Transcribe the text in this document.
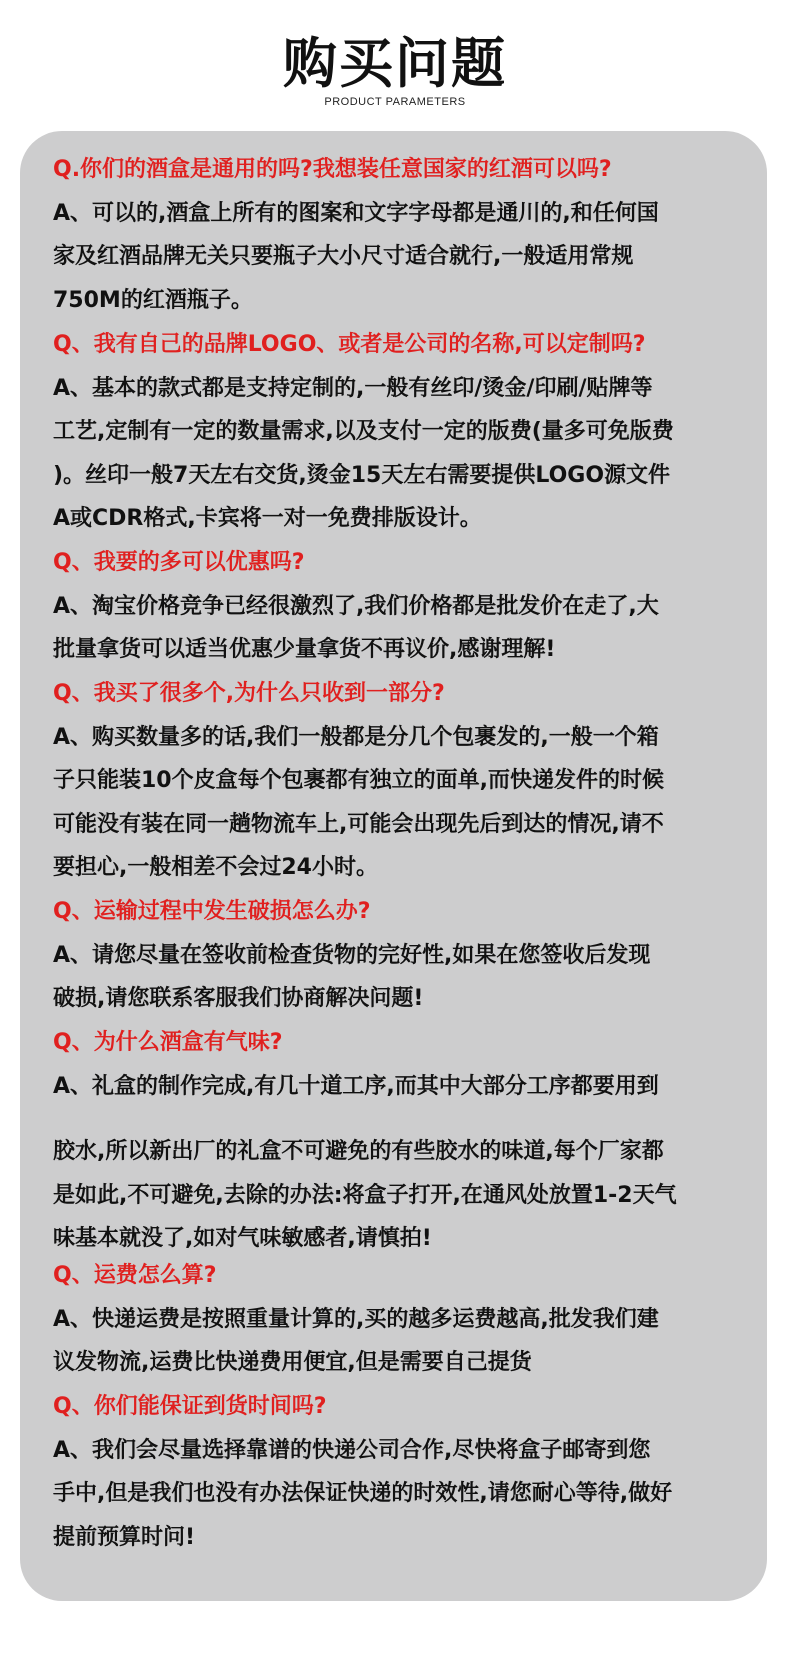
购买问题
PRODUCT PARAMETERS
Q.你们的酒盒是通用的吗?我想装任意国家的红酒可以吗?
A、可以的,酒盒上所有的图案和文字字母都是通川的,和任何国
家及红酒品牌无关只要瓶子大小尺寸适合就行,一般适用常规
750M的红酒瓶子。
Q、我有自己的品牌LOGO、或者是公司的名称,可以定制吗?
A、基本的款式都是支持定制的,一般有丝印/烫金/印刷/贴牌等
工艺,定制有一定的数量需求,以及支付一定的版费(量多可免版费
)。丝印一般7天左右交货,烫金15天左右需要提供LOGO源文件
A或CDR格式,卡宾将一对一免费排版设计。
Q、我要的多可以优惠吗?
A、淘宝价格竞争已经很激烈了,我们价格都是批发价在走了,大
批量拿货可以适当优惠少量拿货不再议价,感谢理解!
Q、我买了很多个,为什么只收到一部分?
A、购买数量多的话,我们一般都是分几个包裹发的,一般一个箱
子只能装10个皮盒每个包裹都有独立的面单,而快递发件的时候
可能没有装在同一趟物流车上,可能会出现先后到达的情况,请不
要担心,一般相差不会过24小时。
Q、运输过程中发生破损怎么办?
A、请您尽量在签收前检查货物的完好性,如果在您签收后发现
破损,请您联系客服我们协商解决问题!
Q、为什么酒盒有气味?
A、礼盒的制作完成,有几十道工序,而其中大部分工序都要用到
胶水,所以新出厂的礼盒不可避免的有些胶水的味道,每个厂家都
是如此,不可避免,去除的办法:将盒子打开,在通风处放置1-2天气
味基本就没了,如对气味敏感者,请慎拍!
Q、运费怎么算?
A、快递运费是按照重量计算的,买的越多运费越高,批发我们建
议发物流,运费比快递费用便宜,但是需要自己提货
Q、你们能保证到货时间吗?
A、我们会尽量选择靠谱的快递公司合作,尽快将盒子邮寄到您
手中,但是我们也没有办法保证快递的时效性,请您耐心等待,做好
提前预算时问!
